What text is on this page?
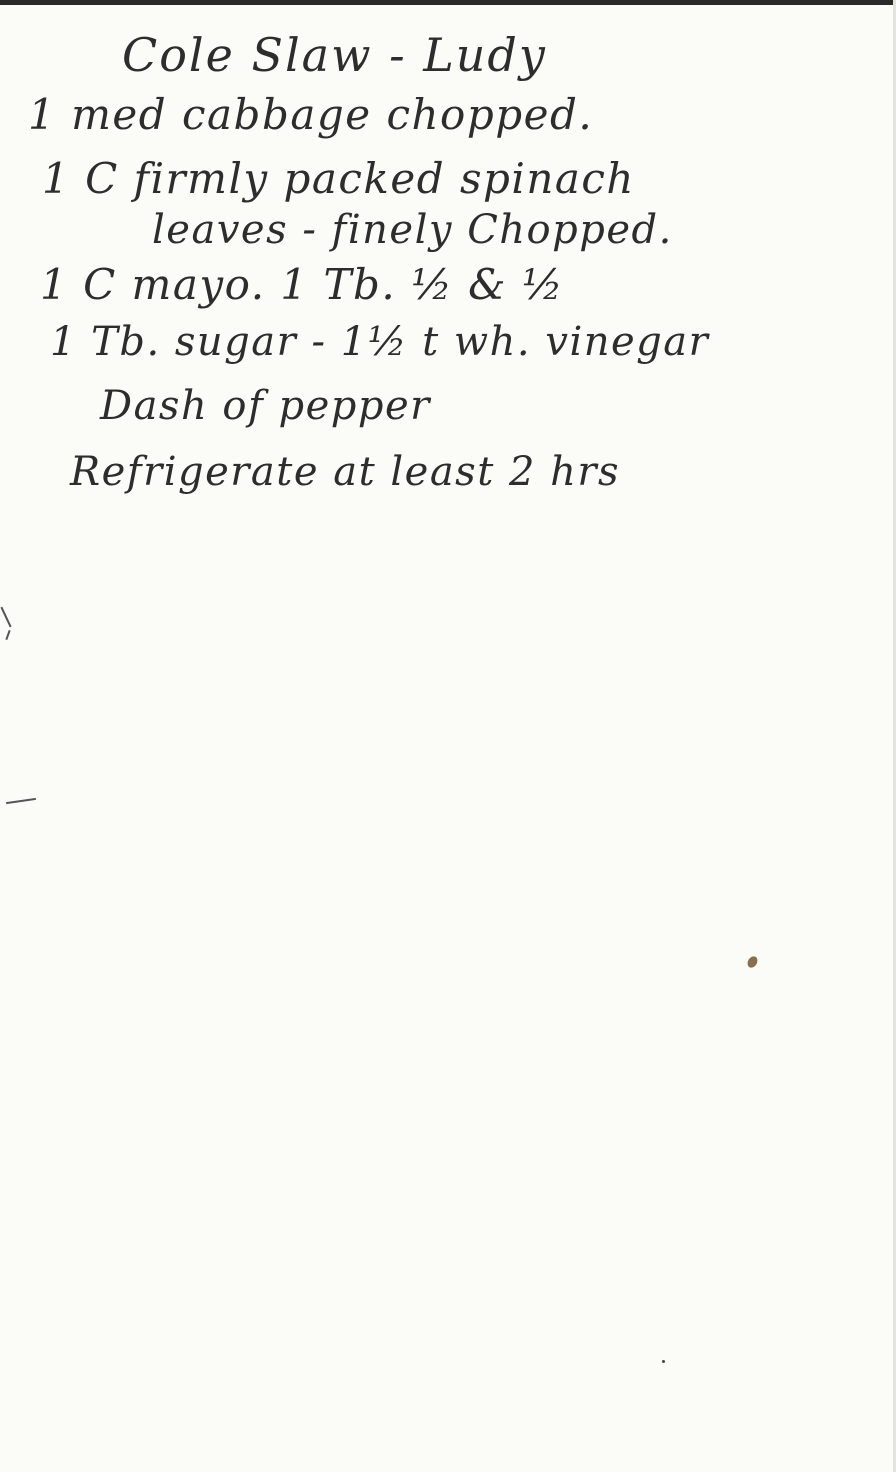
Cole Slaw - Ludy
1 med cabbage chopped.
1 C firmly packed spinach
leaves - finely Chopped.
1 C mayo. 1 Tb. ½ & ½
1 Tb. sugar - 1½ t wh. vinegar
Dash of pepper
Refrigerate at least 2 hrs
